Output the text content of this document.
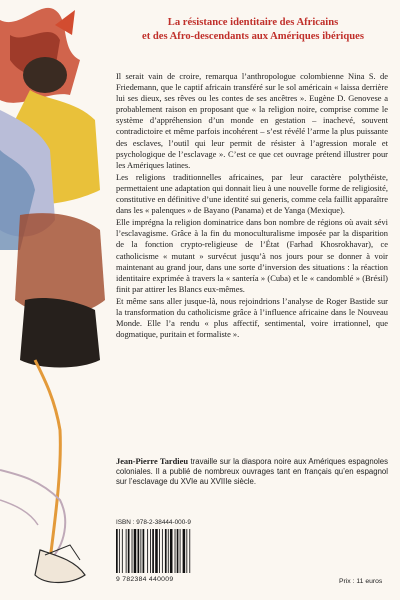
La résistance identitaire des Africains
et des Afro-descendants aux Amériques ibériques

Il serait vain de croire, remarqua l’anthropologue colombienne Nina S. de Friedemann, que le captif africain transféré sur le sol américain « laissa derrière lui ses dieux, ses rêves ou les contes de ses ancêtres ». Eugène D. Genovese a probablement raison en proposant que « la religion noire, comprise comme le système d’appréhension d’un monde en gestation – inachevé, souvent contradictoire et même parfois incohérent – s’est révélé l’arme la plus puissante des esclaves, l’outil qui leur permit de résister à l’agression morale et psychologique de l’esclavage ». C’est ce que cet ouvrage prétend illustrer pour les Amériques latines.

Les religions traditionnelles africaines, par leur caractère polythéiste, permettaient une adaptation qui donnait lieu à une nouvelle forme de religiosité, constitutive en définitive d’une identité sui generis, comme cela faillit apparaître dans les « palenques » de Bayano (Panama) et de Yanga (Mexique).

Elle imprégna la religion dominatrice dans bon nombre de régions où avait sévi l’esclavagisme. Grâce à la fin du monoculturalisme imposée par la disparition de la fonction crypto-religieuse de l’État (Farhad Khosrokhavar), ce catholicisme « mutant » survécut jusqu’à nos jours pour se donner à voir maintenant au grand jour, dans une sorte d’inversion des situations : la réaction identitaire exprimée à travers la « santería » (Cuba) et le « candomblé » (Brésil) finit par attirer les Blancs eux-mêmes.

Et même sans aller jusque-là, nous rejoindrions l’analyse de Roger Bastide sur la transformation du catholicisme grâce à l’influence africaine dans le Nouveau Monde. Elle l’a rendu « plus affectif, sentimental, voire irrationnel, que dogmatique, puritain et formaliste ».

Jean-Pierre Tardieu travaille sur la diaspora noire aux Amériques espagnoles coloniales. Il a publié de nombreux ouvrages tant en français qu’en espagnol sur l’esclavage du XVIe au XVIIIe siècle.
ISBN : 978-2-38444-000-9
9 782384 440009	Prix : 11 euros
